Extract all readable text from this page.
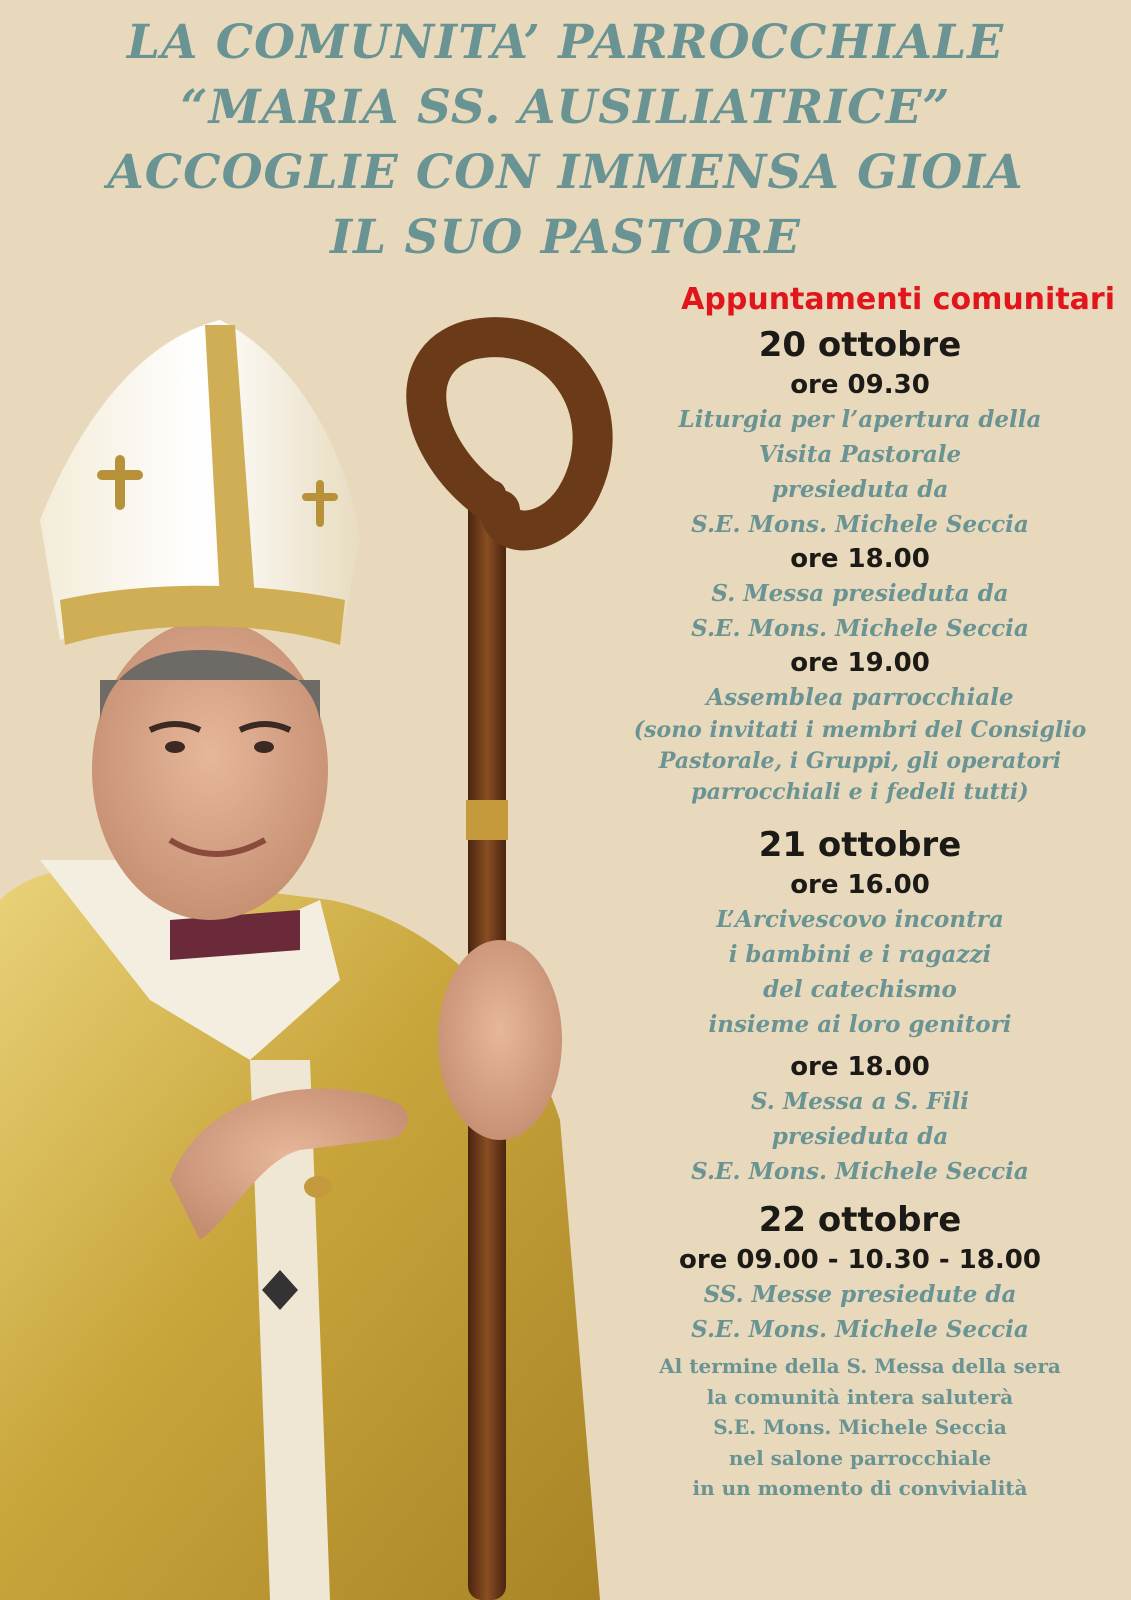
LA COMUNITA’ PARROCCHIALE
“MARIA SS. AUSILIATRICE”
ACCOGLIE CON IMMENSA GIOIA
IL SUO PASTORE
Appuntamenti comunitari
20 ottobre
ore 09.30
Liturgia per l’apertura della
Visita Pastorale
presieduta da
S.E. Mons. Michele Seccia
ore 18.00
S. Messa presieduta da
S.E. Mons. Michele Seccia
ore 19.00
Assemblea parrocchiale
(sono invitati i membri del Consiglio
Pastorale, i Gruppi, gli operatori
parrocchiali e i fedeli tutti)
21 ottobre
ore 16.00
L’Arcivescovo incontra
i bambini e i ragazzi
del catechismo
insieme ai loro genitori
ore 18.00
S. Messa a S. Fili
presieduta da
S.E. Mons. Michele Seccia
22 ottobre
ore 09.00 - 10.30 - 18.00
SS. Messe presiedute da
S.E. Mons. Michele Seccia
Al termine della S. Messa della sera
la comunità intera saluterà
S.E. Mons. Michele Seccia
nel salone parrocchiale
in un momento di convivialità
